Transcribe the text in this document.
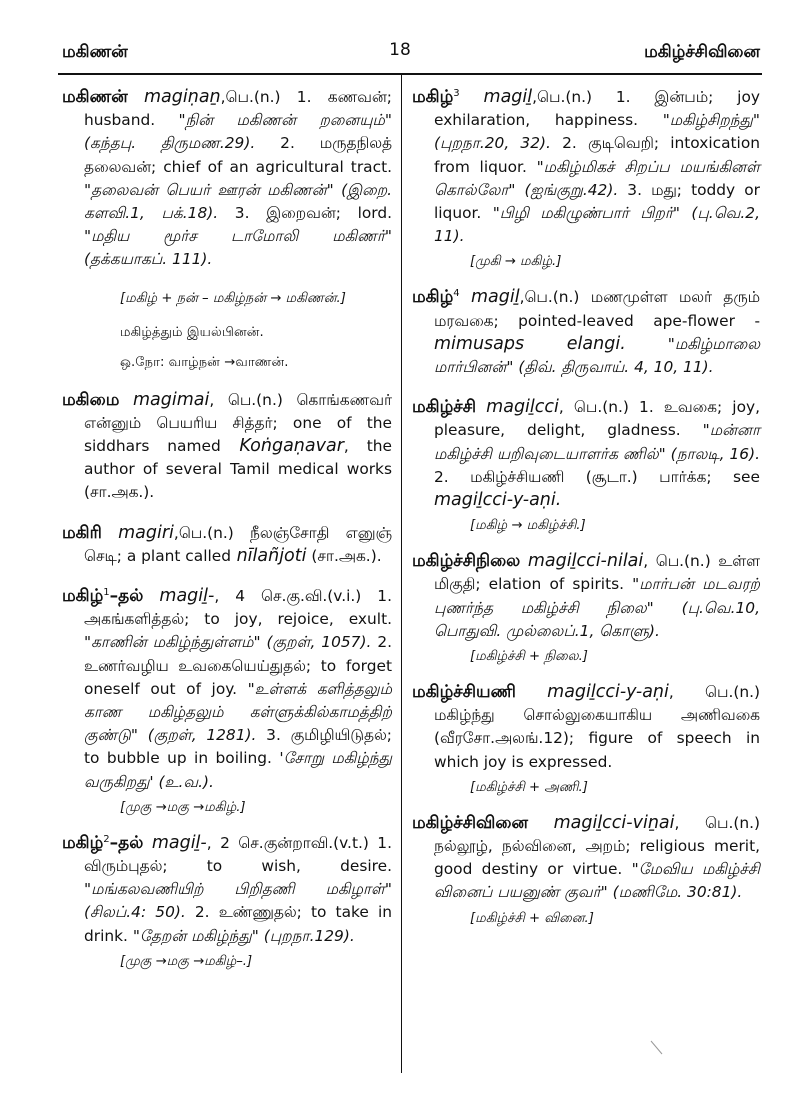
மகிணன்	18	மகிழ்ச்சிவினை

மகிணன் magiṇaṉ,பெ.(n.) 1. கணவன்; husband. "நின் மகிணன் றனையும்" (கந்தபு. திருமண.29). 2. மருதநிலத் தலைவன்; chief of an agricultural tract. "தலைவன் பெயர் ஊரன் மகிணன்" (இறை. களவி.1, பக்.18). 3. இறைவன்; lord. "மதிய மூர்ச டாமோலி மகிணர்" (தக்கயாகப். 111).

[மகிழ் + நன் – மகிழ்நன் → மகிணன்.]

மகிழ்த்தும் இயல்பினன்.

ஒ.நோ: வாழ்நன் →வாணன்.

மகிமை magimai, பெ.(n.) கொங்கணவர் என்னும் பெயரிய சித்தர்; one of the siddhars named Koṅgaṇavar, the author of several Tamil medical works (சா.அக.).

மகிரி magiri,பெ.(n.) நீலஞ்சோதி எனுஞ் செடி; a plant called nīlañjoti (சா.அக.).

மகிழ்$^1$–தல் magiḻ-, 4 செ.கு.வி.(v.i.) 1. அகங்களித்தல்; to joy, rejoice, exult. "காணின் மகிழ்ந்துள்ளம்" (குறள், 1057). 2. உணர்வழிய உவகையெய்துதல்; to forget oneself out of joy. "உள்ளக் களித்தலும் காண மகிழ்தலும் கள்ளுக்கில்காமத்திற் குண்டு" (குறள், 1281). 3. குமிழியிடுதல்; to bubble up in boiling. 'சோறு மகிழ்ந்து வருகிறது' (உ.வ.).

[முகு →மகு →மகிழ்.]

மகிழ்$^2$–தல் magiḻ-, 2 செ.குன்றாவி.(v.t.) 1. விரும்புதல்; to wish, desire. "மங்கலவணியிற் பிறிதணி மகிழாள்" (சிலப்.4: 50). 2. உண்ணுதல்; to take in drink. "தேறன் மகிழ்ந்து" (புறநா.129).

[முகு →மகு →மகிழ்–.]

மகிழ்$^3$ magiḻ,பெ.(n.) 1. இன்பம்; joy exhilaration, happiness. "மகிழ்சிறந்து" (புறநா.20, 32). 2. குடிவெறி; intoxication from liquor. "மகிழ்மிகச் சிறப்ப மயங்கினள் கொல்லோ" (ஐங்குறு.42). 3. மது; toddy or liquor. "பிழி மகிழுண்பார் பிறர்" (பு.வெ.2, 11).

[முகி → மகிழ்.]

மகிழ்$^4$ magiḻ,பெ.(n.) மணமுள்ள மலர் தரும் மரவகை; pointed-leaved ape-flower - mimusaps elangi. "மகிழ்மாலை மார்பினன்" (திவ். திருவாய். 4, 10, 11).

மகிழ்ச்சி magiḻcci, பெ.(n.) 1. உவகை; joy, pleasure, delight, gladness. "மன்னா மகிழ்ச்சி யறிவுடையாளர்க ணில்" (நாலடி, 16). 2. மகிழ்ச்சியணி (சூடா.) பார்க்க; see magiḻcci-y-aṇi.

[மகிழ் → மகிழ்ச்சி.]

மகிழ்ச்சிநிலை magiḻcci-nilai, பெ.(n.) உள்ள மிகுதி; elation of spirits. "மார்பன் மடவரற் புணர்ந்த மகிழ்ச்சி நிலை" (பு.வெ.10, பொதுவி. முல்லைப்.1, கொளு).

[மகிழ்ச்சி + நிலை.]

மகிழ்ச்சியணி magiḻcci-y-aṇi, பெ.(n.) மகிழ்ந்து சொல்லுகையாகிய அணிவகை (வீரசோ.அலங்.12); figure of speech in which joy is expressed.

[மகிழ்ச்சி + அணி.]

மகிழ்ச்சிவினை magiḻcci-viṉai, பெ.(n.) நல்லூழ், நல்வினை, அறம்; religious merit, good destiny or virtue. "மேவிய மகிழ்ச்சி வினைப் பயனுண் குவர்" (மணிமே. 30:81).

[மகிழ்ச்சி + வினை.]
